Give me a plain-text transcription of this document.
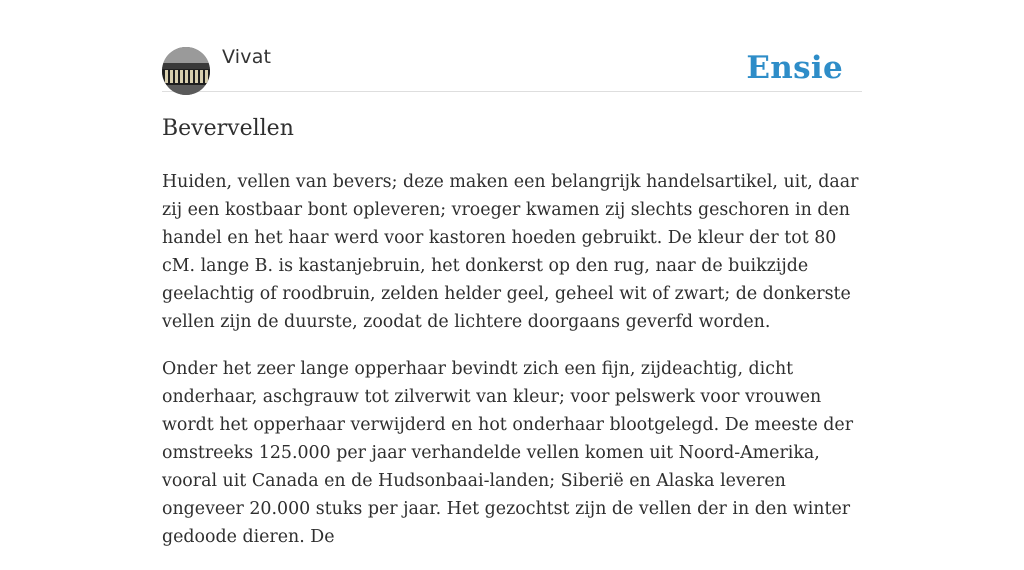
Vivat	Ensie
Bevervellen

Huiden, vellen van bevers; deze maken een belangrijk handelsartikel, uit, daar zij een kostbaar bont opleveren; vroeger kwamen zij slechts geschoren in den handel en het haar werd voor kastoren hoeden gebruikt. De kleur der tot 80 cM. lange B. is kastanjebruin, het donkerst op den rug, naar de buikzijde geelachtig of roodbruin, zelden helder geel, geheel wit of zwart; de donkerste vellen zijn de duurste, zoodat de lichtere doorgaans geverfd worden.

Onder het zeer lange opperhaar bevindt zich een fijn, zijdeachtig, dicht onderhaar, aschgrauw tot zilverwit van kleur; voor pelswerk voor vrouwen wordt het opperhaar verwijderd en hot onderhaar blootgelegd. De meeste der omstreeks 125.000 per jaar verhandelde vellen komen uit Noord-Amerika, vooral uit Canada en de Hudsonbaai-landen; Siberië en Alaska leveren ongeveer 20.000 stuks per jaar. Het gezochtst zijn de vellen der in den winter gedoode dieren. De
